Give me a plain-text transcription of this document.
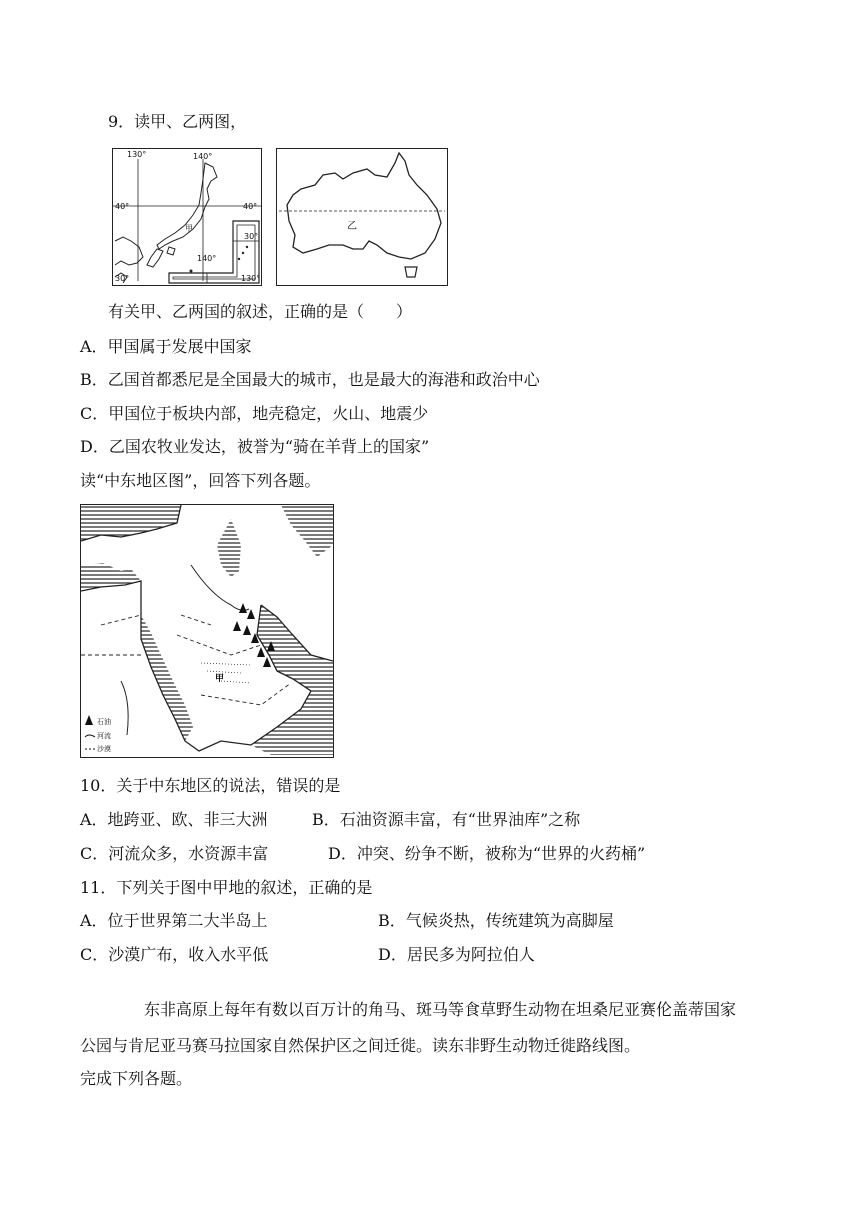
9．读甲、乙两图，
130°	140°
40°	40°
甲
30°
140°
130°
30°
乙
有关甲、乙两国的叙述，正确的是（　　）
A．甲国属于发展中国家
B．乙国首都悉尼是全国最大的城市，也是最大的海港和政治中心
C．甲国位于板块内部，地壳稳定，火山、地震少
D．乙国农牧业发达，被誉为“骑在羊背上的国家”
读“中东地区图”，回答下列各题。
甲
石油
河流
沙漠
10．关于中东地区的说法，错误的是
A．地跨亚、欧、非三大洲	B．石油资源丰富，有“世界油库”之称
C．河流众多，水资源丰富	D．冲突、纷争不断，被称为“世界的火药桶”
11．下列关于图中甲地的叙述，正确的是
A．位于世界第二大半岛上	B．气候炎热，传统建筑为高脚屋
C．沙漠广布，收入水平低	D．居民多为阿拉伯人
东非高原上每年有数以百万计的角马、斑马等食草野生动物在坦桑尼亚赛伦盖蒂国家
公园与肯尼亚马赛马拉国家自然保护区之间迁徙。读东非野生动物迁徙路线图。
完成下列各题。
